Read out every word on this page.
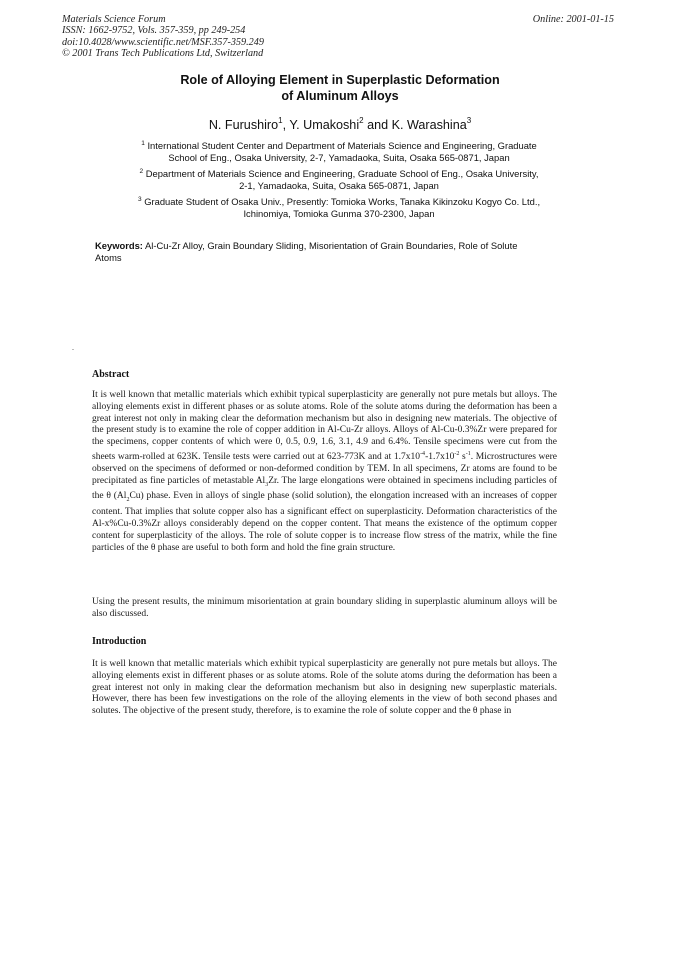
Materials Science Forum
ISSN: 1662-9752, Vols. 357-359, pp 249-254
doi:10.4028/www.scientific.net/MSF.357-359.249
© 2001 Trans Tech Publications Ltd, Switzerland
Online: 2001-01-15
Role of Alloying Element in Superplastic Deformation
of Aluminum Alloys
N. Furushiro$^1$, Y. Umakoshi$^2$ and K. Warashina$^3$
$^1$ International Student Center and Department of Materials Science and Engineering, Graduate
School of Eng., Osaka University, 2-7, Yamadaoka, Suita, Osaka 565-0871, Japan
$^2$ Department of Materials Science and Engineering, Graduate School of Eng., Osaka University,
2-1, Yamadaoka, Suita, Osaka 565-0871, Japan
$^3$ Graduate Student of Osaka Univ., Presently: Tomioka Works, Tanaka Kikinzoku Kogyo Co. Ltd.,
Ichinomiya, Tomioka Gunma 370-2300, Japan
Keywords: Al-Cu-Zr Alloy, Grain Boundary Sliding, Misorientation of Grain Boundaries, Role of Solute Atoms
Abstract
It is well known that metallic materials which exhibit typical superplasticity are generally not pure metals but alloys. The alloying elements exist in different phases or as solute atoms. Role of the solute atoms during the deformation has been a great interest not only in making clear the deformation mechanism but also in designing new materials. The objective of the present study is to examine the role of copper addition in Al-Cu-Zr alloys. Alloys of Al-Cu-0.3%Zr were prepared for the specimens, copper contents of which were 0, 0.5, 0.9, 1.6, 3.1, 4.9 and 6.4%. Tensile specimens were cut from the sheets warm-rolled at 623K. Tensile tests were carried out at 623-773K and at $1.7x10^{-4}-1.7x10^{-2}$ $s^{-1}$. Microstructures were observed on the specimens of deformed or non-deformed condition by TEM. In all specimens, Zr atoms are found to be precipitated as fine particles of metastable $Al_3Zr$. The large elongations were obtained in specimens including particles of the θ $(Al_2Cu)$ phase. Even in alloys of single phase (solid solution), the elongation increased with an increases of copper content. That implies that solute copper also has a significant effect on superplasticity. Deformation characteristics of the Al-x%Cu-0.3%Zr alloys considerably depend on the copper content. That means the existence of the optimum copper content for superplasticity of the alloys. The role of solute copper is to increase flow stress of the matrix, while the fine particles of the θ phase are useful to both form and hold the fine grain structure.
Using the present results, the minimum misorientation at grain boundary sliding in superplastic aluminum alloys will be also discussed.
Introduction
It is well known that metallic materials which exhibit typical superplasticity are generally not pure metals but alloys. The alloying elements exist in different phases or as solute atoms. Role of the solute atoms during the deformation has been a great interest not only in making clear the deformation mechanism but also in designing new superplastic materials. However, there has been few investigations on the role of the alloying elements in the view of both second phases and solutes. The objective of the present study, therefore, is to examine the role of solute copper and the θ phase in
